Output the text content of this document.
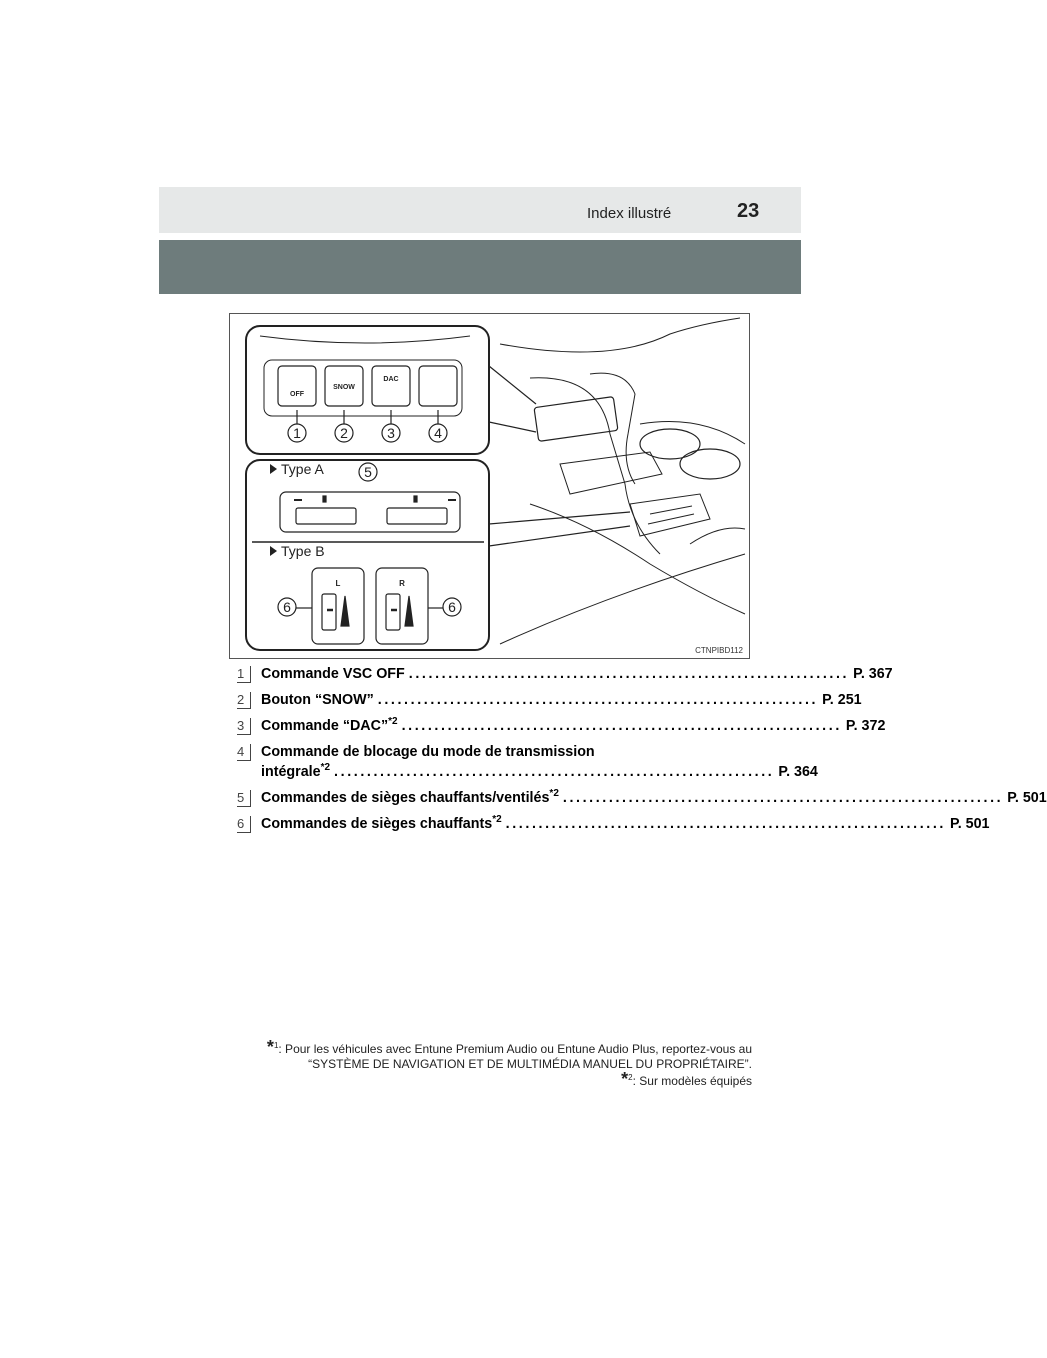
Index illustré	23
1	2	3	4
5
6	6
OFF
SNOW
DAC
L	R
Type A
Type B
CTNPIBD112
1	Commande VSC OFF ................................................................... P. 367
2	Bouton “SNOW” ................................................................... P. 251
3	Commande “DAC”$^{*2}$ ................................................................... P. 372
4	Commande de blocage du mode de transmission
intégrale$^{*2}$ ................................................................... P. 364
5	Commandes de sièges chauffants/ventilés$^{*2}$ ................................................................... P. 501
6	Commandes de sièges chauffants$^{*2}$ ................................................................... P. 501
*$^1$: Pour les véhicules avec Entune Premium Audio ou Entune Audio Plus, reportez-vous au
“SYSTÈME DE NAVIGATION ET DE MULTIMÉDIA MANUEL DU PROPRIÉTAIRE”.
*$^2$: Sur modèles équipés
